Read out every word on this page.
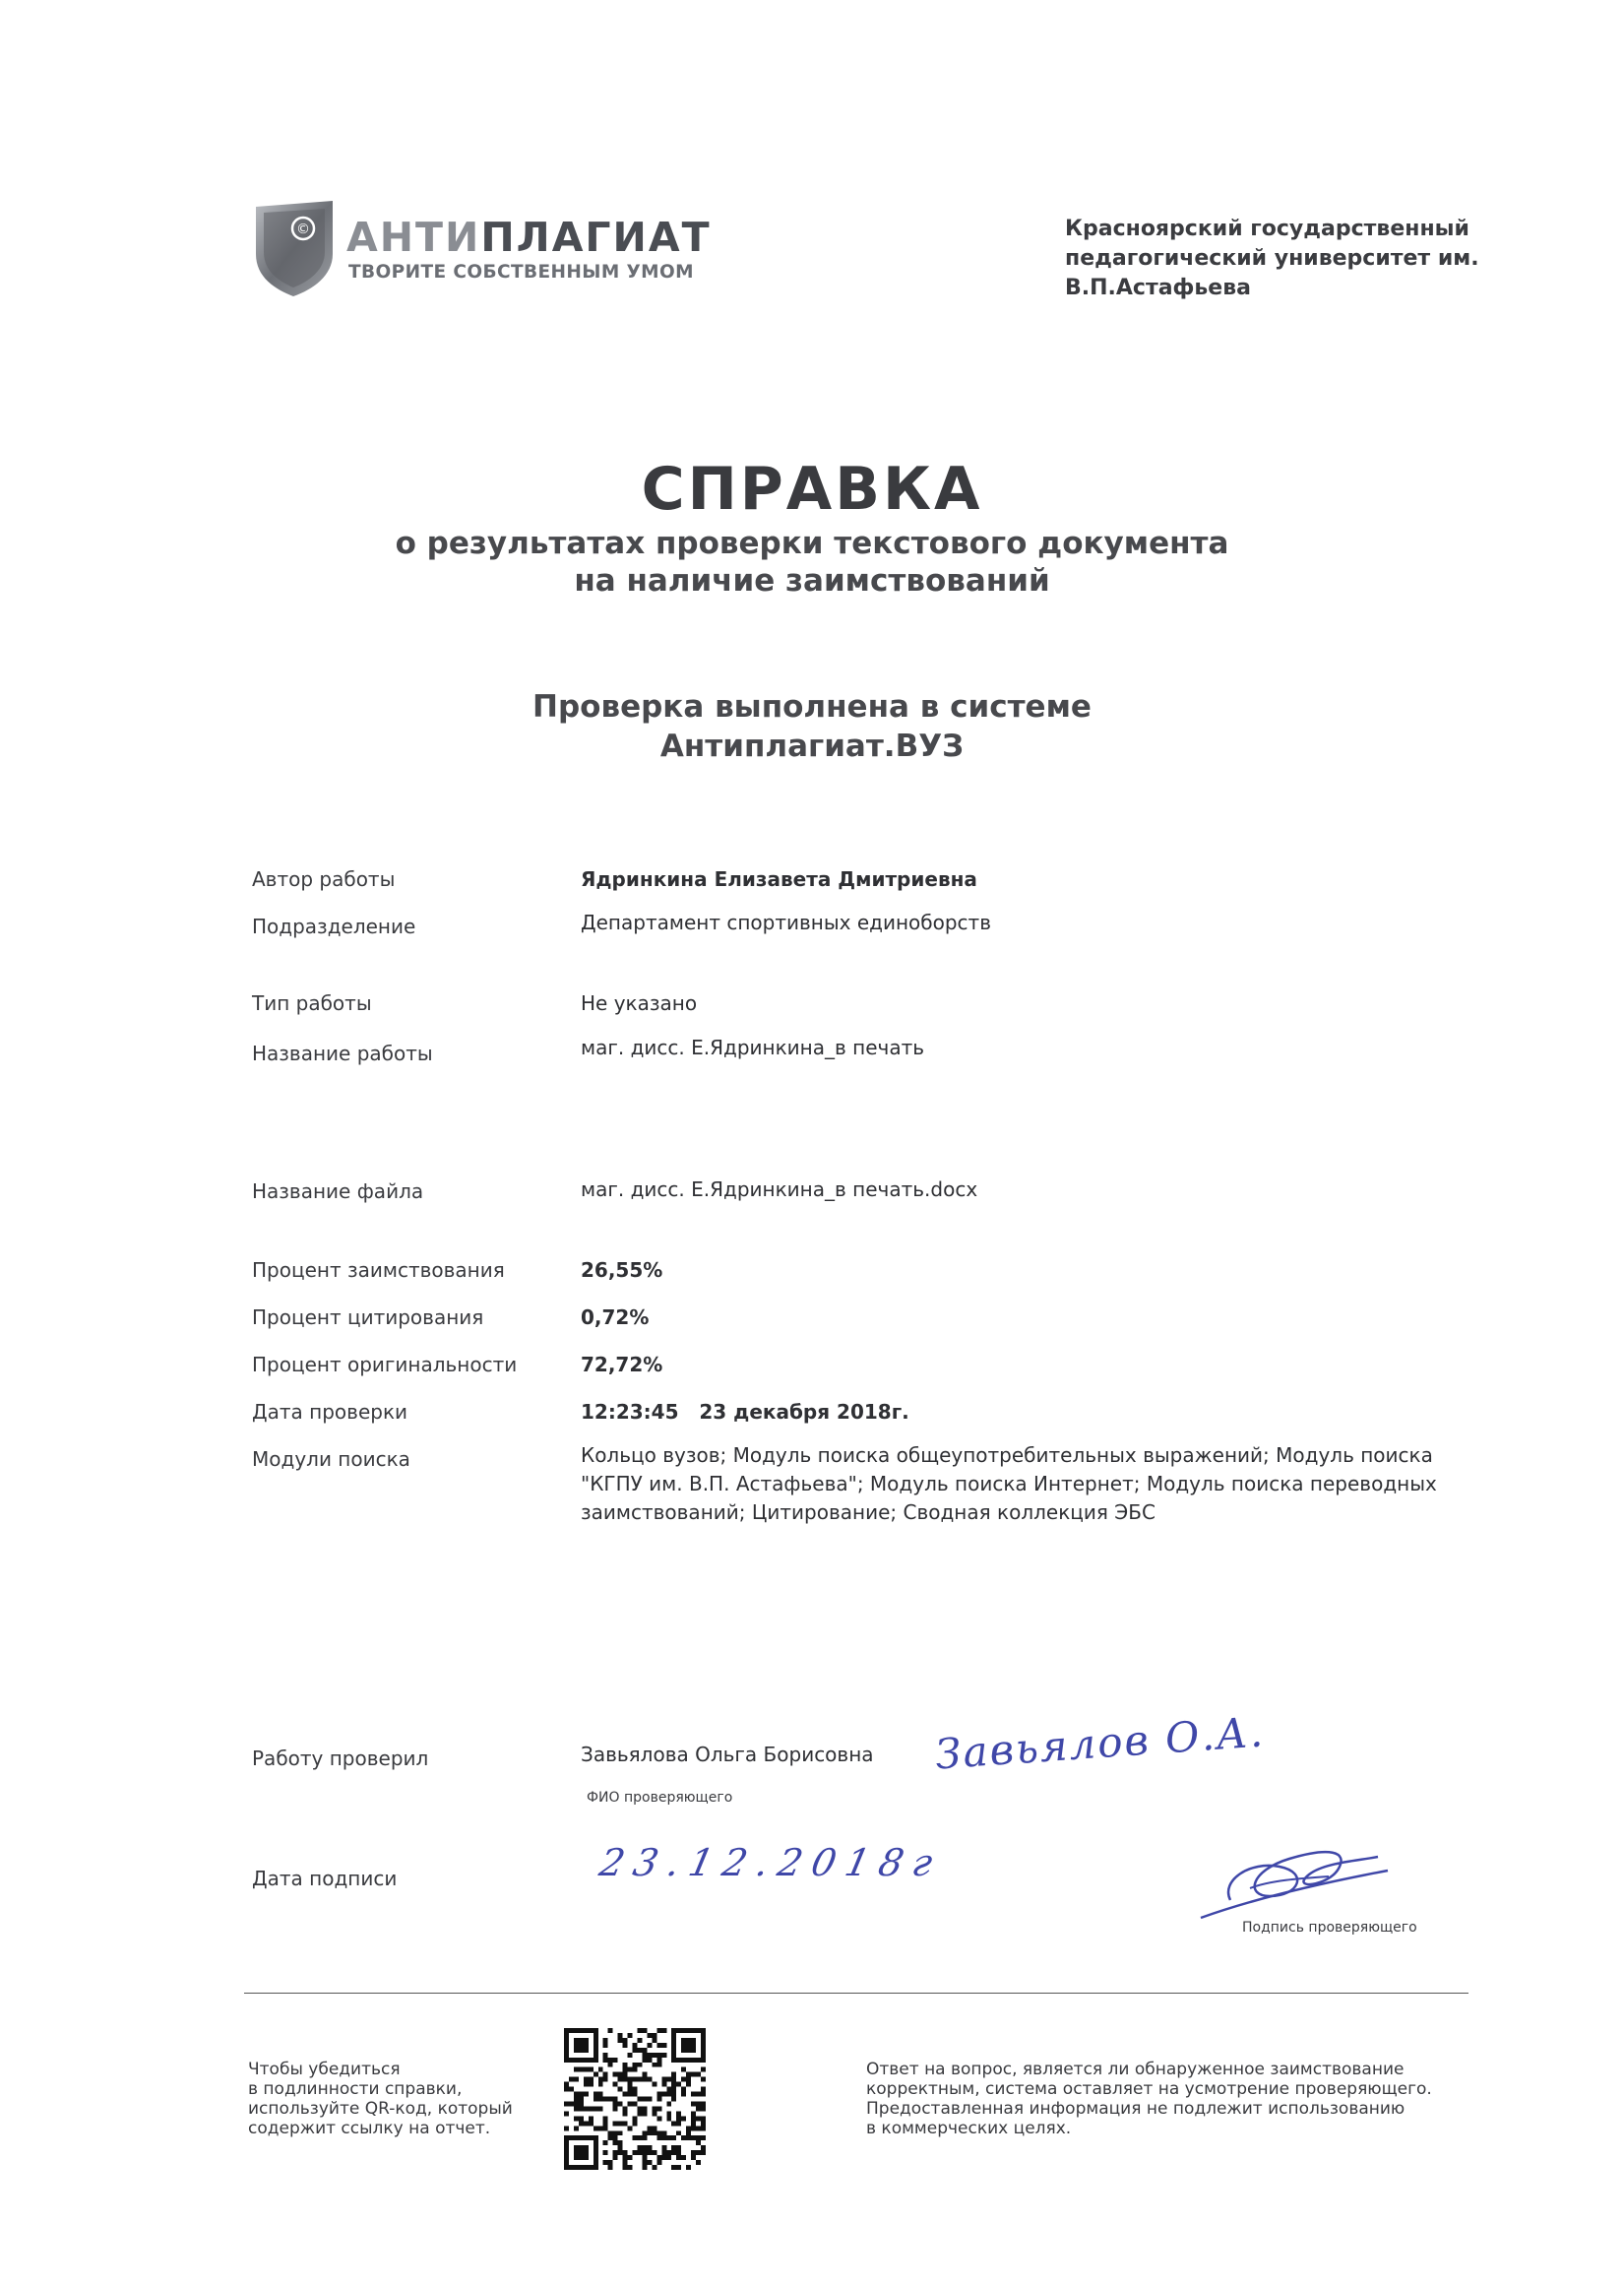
© АНТИПЛАГИАТ
ТВОРИТЕ СОБСТВЕННЫМ УМОМ
Красноярский государственный
педагогический университет им.
В.П.Астафьева
СПРАВКА
о результатах проверки текстового документа
на наличие заимствований
Проверка выполнена в системе
Антиплагиат.ВУЗ
Автор работы	Ядринкина Елизавета Дмитриевна
Подразделение	Департамент спортивных единоборств
Тип работы	Не указано
Название работы	маг. дисс. Е.Ядринкина_в печать
Название файла	маг. дисс. Е.Ядринкина_в печать.docx
Процент заимствования	26,55%
Процент цитирования	0,72%
Процент оригинальности	72,72%
Дата проверки	12:23:45   23 декабря 2018г.
Модули поиска	Кольцо вузов; Модуль поиска общеупотребительных выражений; Модуль поиска
"КГПУ им. В.П. Астафьева"; Модуль поиска Интернет; Модуль поиска переводных
заимствований; Цитирование; Сводная коллекция ЭБС
Работу проверил	Завьялова Ольга Борисовна
ФИО проверяющего
Завьялов О.А.
Дата подписи	23.12.2018г
Подпись проверяющего
Чтобы убедиться
в подлинности справки,
используйте QR-код, который
содержит ссылку на отчет.
Ответ на вопрос, является ли обнаруженное заимствование
корректным, система оставляет на усмотрение проверяющего.
Предоставленная информация не подлежит использованию
в коммерческих целях.
